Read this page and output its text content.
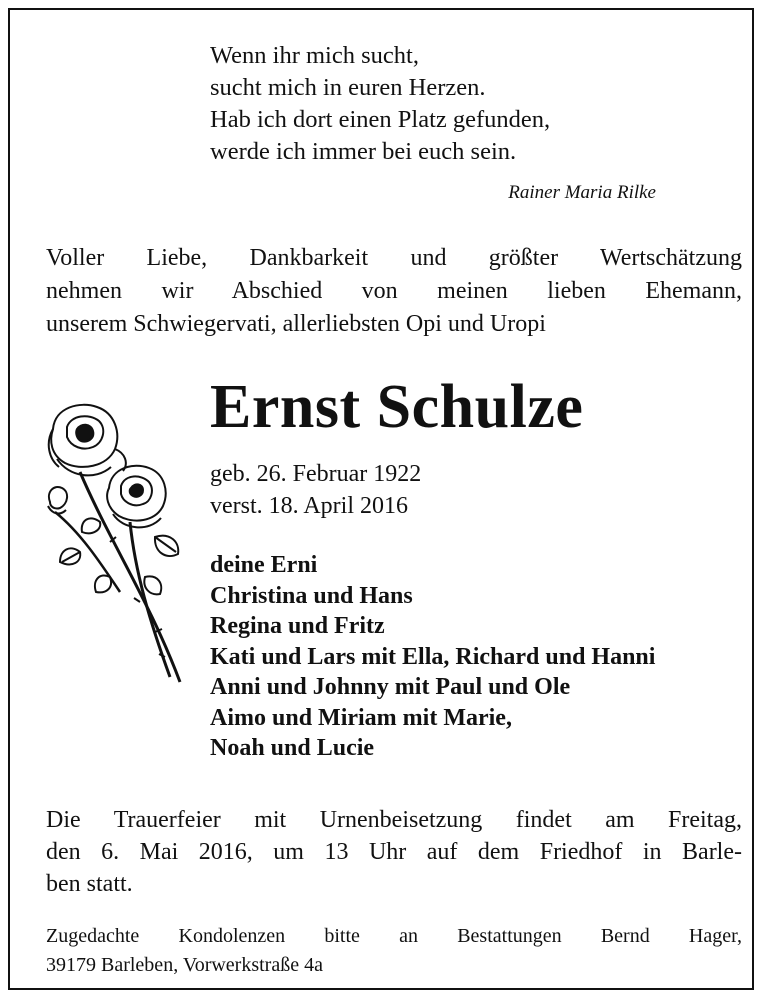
Wenn ihr mich sucht,
sucht mich in euren Herzen.
Hab ich dort einen Platz gefunden,
werde ich immer bei euch sein.
Rainer Maria Rilke
Voller Liebe, Dankbarkeit und größter Wertschätzung
nehmen wir Abschied von meinen lieben Ehemann,
unserem Schwiegervati, allerliebsten Opi und Uropi
Ernst Schulze
geb. 26. Februar 1922
verst. 18. April 2016
deine Erni
Christina und Hans
Regina und Fritz
Kati und Lars mit Ella, Richard und Hanni
Anni und Johnny mit Paul und Ole
Aimo und Miriam mit Marie,
Noah und Lucie
Die Trauerfeier mit Urnenbeisetzung findet am Freitag,
den 6. Mai 2016, um 13 Uhr auf dem Friedhof in Barle-
ben statt.
Zugedachte Kondolenzen bitte an Bestattungen Bernd Hager,
39179 Barleben, Vorwerkstraße 4a
